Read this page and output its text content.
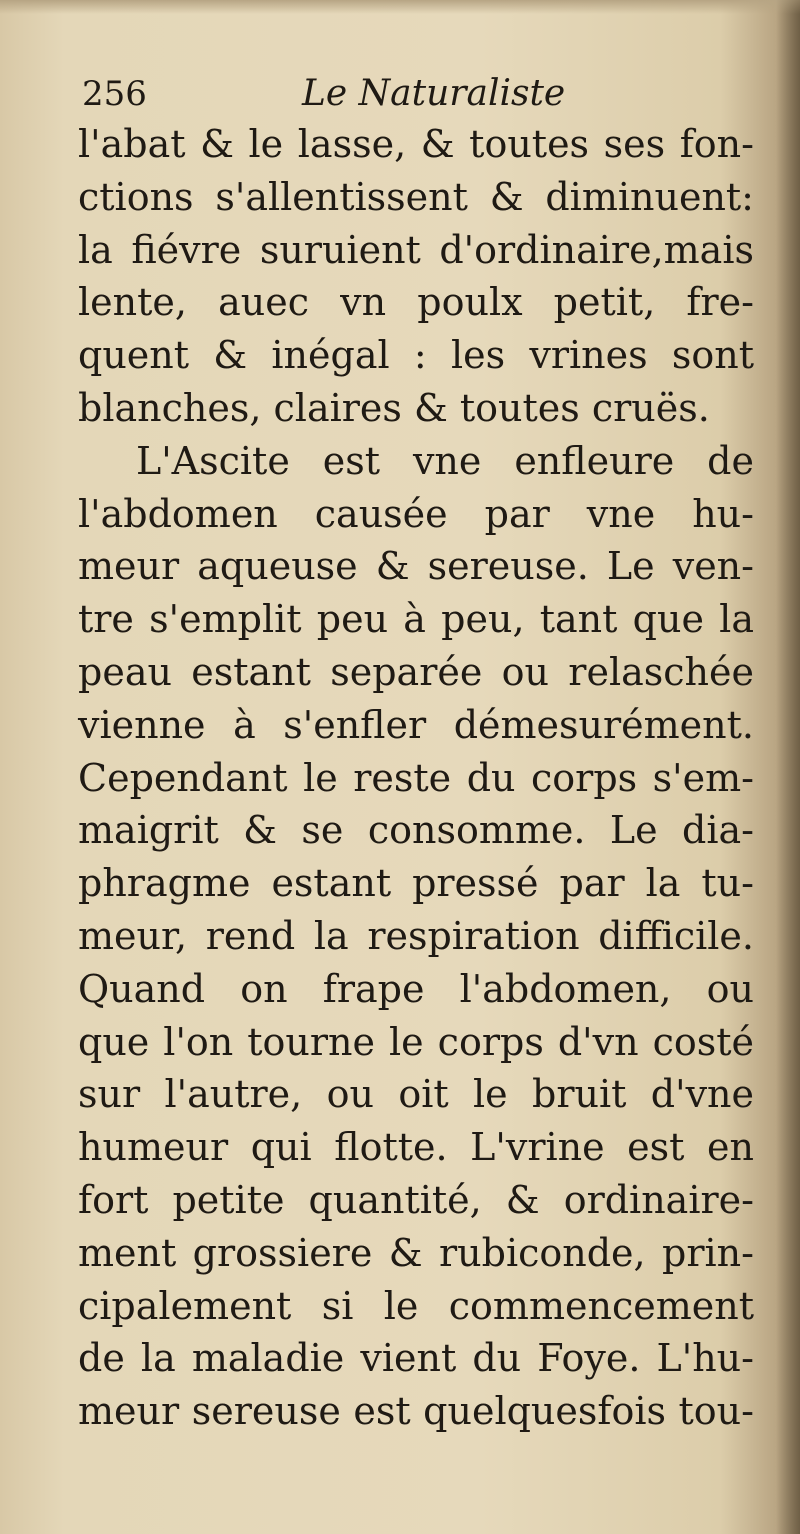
256	Le Naturaliste
l'abat & le lasse, & toutes ses fon-
ctions s'allentissent & diminuent:
la fiévre suruient d'ordinaire,mais
lente, auec vn poulx petit, fre-
quent & inégal : les vrines sont
blanches, claires & toutes cruës.
L'Ascite est vne enfleure de
l'abdomen causée par vne hu-
meur aqueuse & sereuse. Le ven-
tre s'emplit peu à peu, tant que la
peau estant separée ou relaschée
vienne à s'enfler démesurément.
Cependant le reste du corps s'em-
maigrit & se consomme. Le dia-
phragme estant pressé par la tu-
meur, rend la respiration difficile.
Quand on frape l'abdomen, ou
que l'on tourne le corps d'vn costé
sur l'autre, ou oit le bruit d'vne
humeur qui flotte. L'vrine est en
fort petite quantité, & ordinaire-
ment grossiere & rubiconde, prin-
cipalement si le commencement
de la maladie vient du Foye. L'hu-
meur sereuse est quelquesfois tou-
